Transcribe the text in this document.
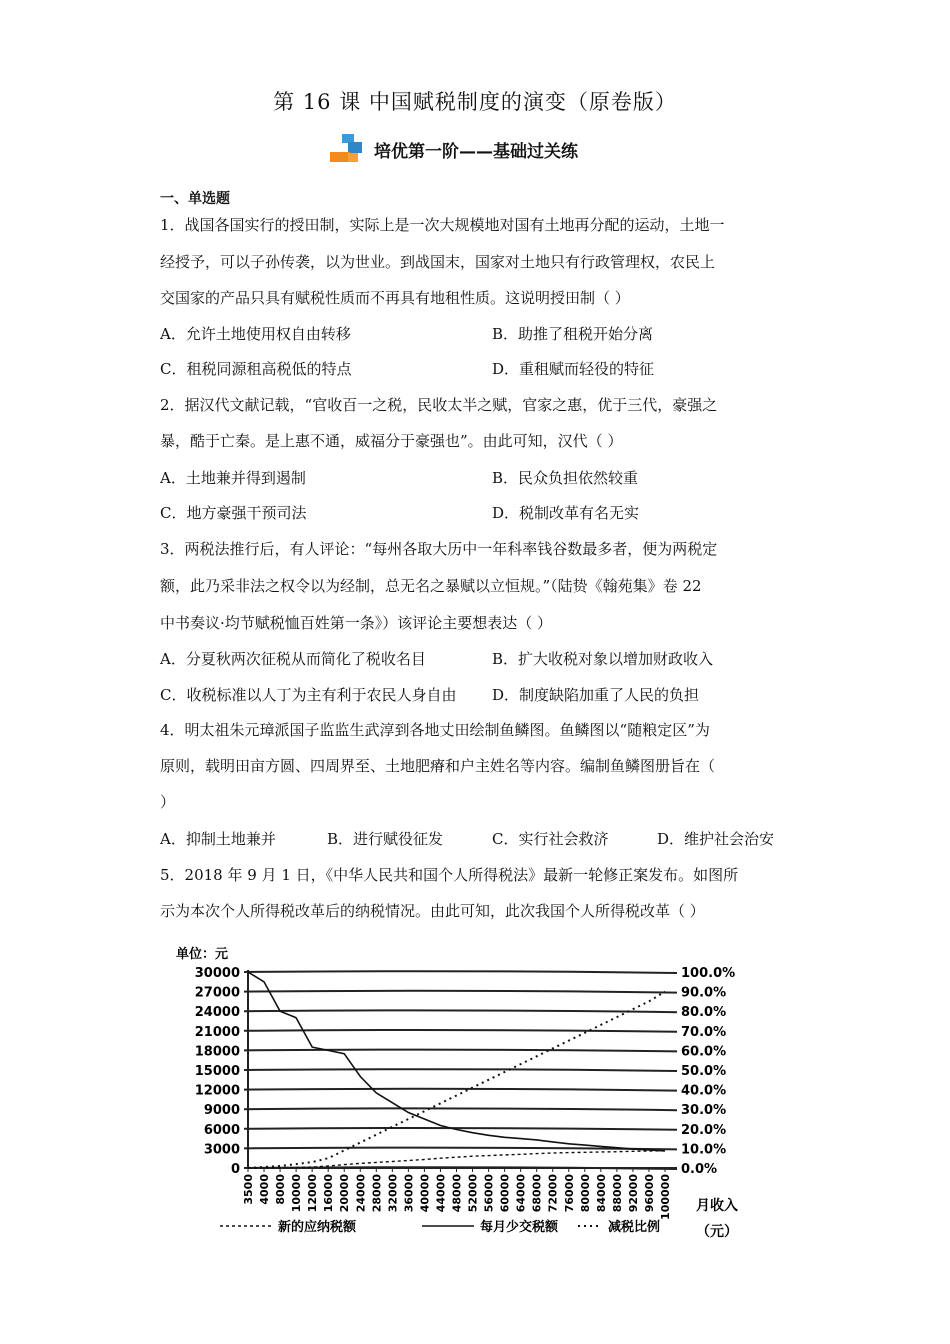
第 16 课 中国赋税制度的演变（原卷版）
培优第一阶——基础过关练
一、单选题
1．战国各国实行的授田制，实际上是一次大规模地对国有土地再分配的运动，土地一
经授予，可以子孙传袭，以为世业。到战国末，国家对土地只有行政管理权，农民上
交国家的产品只具有赋税性质而不再具有地租性质。这说明授田制（ ）
A．允许土地使用权自由转移	B．助推了租税开始分离
C．租税同源租高税低的特点	D．重租赋而轻役的特征
2．据汉代文献记载，“官收百一之税，民收太半之赋，官家之惠，优于三代，豪强之
暴，酷于亡秦。是上惠不通，威福分于豪强也”。由此可知，汉代（ ）
A．土地兼并得到遏制	B．民众负担依然较重
C．地方豪强干预司法	D．税制改革有名无实
3．两税法推行后，有人评论：“每州各取大历中一年科率钱谷数最多者，便为两税定
额，此乃采非法之权令以为经制，总无名之暴赋以立恒规。”（陆贽《翰苑集》卷 22
中书奏议·均节赋税恤百姓第一条》）该评论主要想表达（ ）
A．分夏秋两次征税从而简化了税收名目	B．扩大收税对象以增加财政收入
C．收税标准以人丁为主有利于农民人身自由 D．制度缺陷加重了人民的负担
4．明太祖朱元璋派国子监监生武淳到各地丈田绘制鱼鳞图。鱼鳞图以“随粮定区”为
原则，载明田亩方圆、四周界至、土地肥瘠和户主姓名等内容。编制鱼鳞图册旨在（
）
A．抑制土地兼并	B．进行赋役征发	C．实行社会救济	D．维护社会治安
5．2018 年 9 月 1 日，《中华人民共和国个人所得税法》最新一轮修正案发布。如图所
示为本次个人所得税改革后的纳税情况。由此可知，此次我国个人所得税改革（ ）
单位：元
30000	100.0%
27000	90.0%
24000	80.0%
21000	70.0%
18000	60.0%
15000	50.0%
12000	40.0%
9000	30.0%
6000	20.0%
3000	10.0%
0	0.0%
3500 4000 8000 10000 12000 16000 20000 24000 28000 32000 36000 40000 44000 48000 52000 56000 60000 64000 68000 72000 76000 80000 84000 88000 92000 96000 100000 月收入
（元）
新的应纳税额	每月少交税额	减税比例
